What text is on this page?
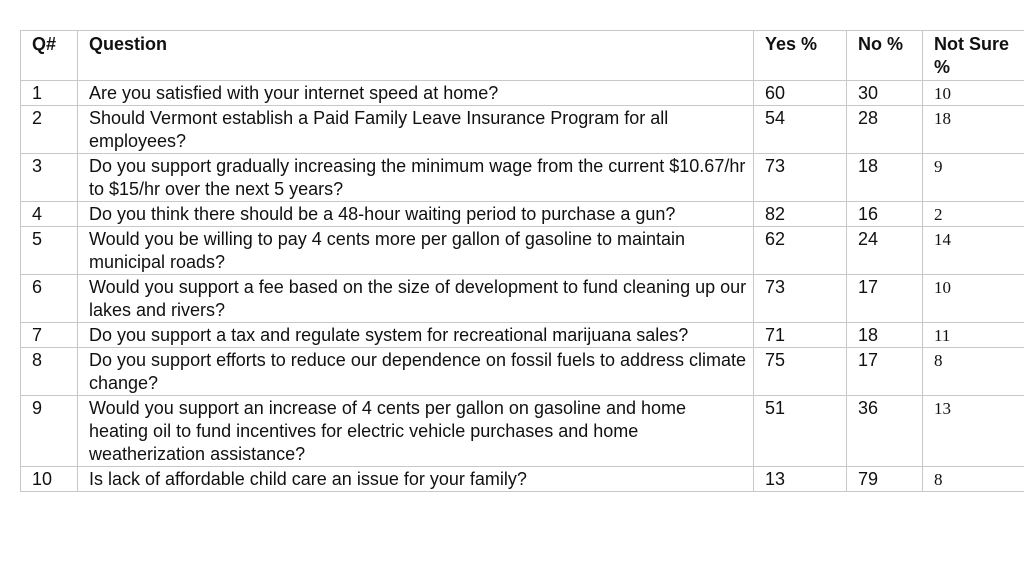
Q#	Question	Yes %	No %	Not Sure %
1	Are you satisfied with your internet speed at home?	60	30	10
2	Should Vermont establish a Paid Family Leave Insurance Program for all employees?	54	28	18
3	Do you support gradually increasing the minimum wage from the current $10.67/hr to $15/hr over the next 5 years?	73	18	9
4	Do you think there should be a 48-hour waiting period to purchase a gun?	82	16	2
5	Would you be willing to pay 4 cents more per gallon of gasoline to maintain municipal roads?	62	24	14
6	Would you support a fee based on the size of development to fund cleaning up our lakes and rivers?	73	17	10
7	Do you support a tax and regulate system for recreational marijuana sales?	71	18	11
8	Do you support efforts to reduce our dependence on fossil fuels to address climate change?	75	17	8
9	Would you support an increase of 4 cents per gallon on gasoline and home heating oil to fund incentives for electric vehicle purchases and home weatherization assistance?	51	36	13
10	Is lack of affordable child care an issue for your family?	13	79	8
